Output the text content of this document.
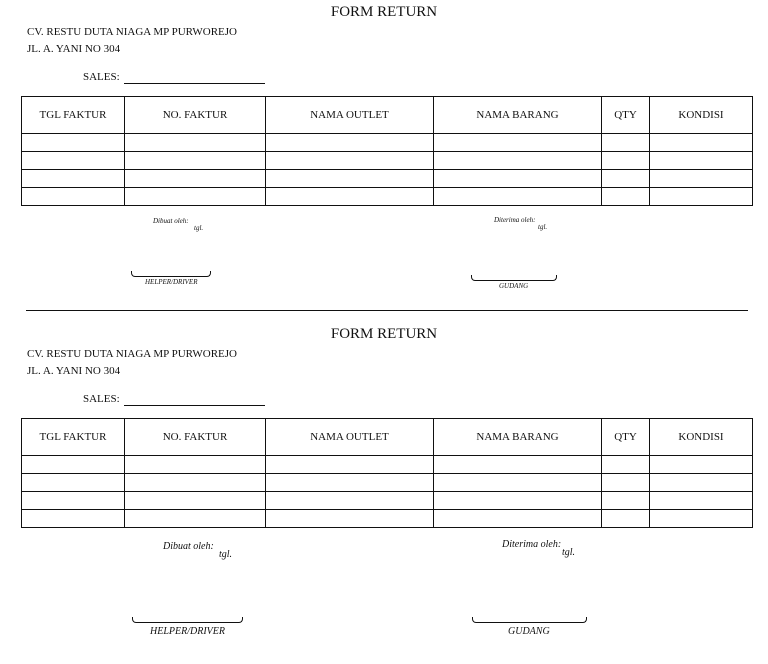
FORM RETURN
CV. RESTU DUTA NIAGA MP PURWOREJO
JL. A. YANI NO 304
SALES:
TGL FAKTUR	NO. FAKTUR	NAMA OUTLET	NAMA BARANG	QTY	KONDISI

Dibuat oleh:
tgl.
HELPER/DRIVER
Diterima oleh:
tgl.
GUDANG
FORM RETURN
CV. RESTU DUTA NIAGA MP PURWOREJO
JL. A. YANI NO 304
SALES:
TGL FAKTUR	NO. FAKTUR	NAMA OUTLET	NAMA BARANG	QTY	KONDISI

Dibuat oleh:
tgl.
HELPER/DRIVER
Diterima oleh:
tgl.
GUDANG
